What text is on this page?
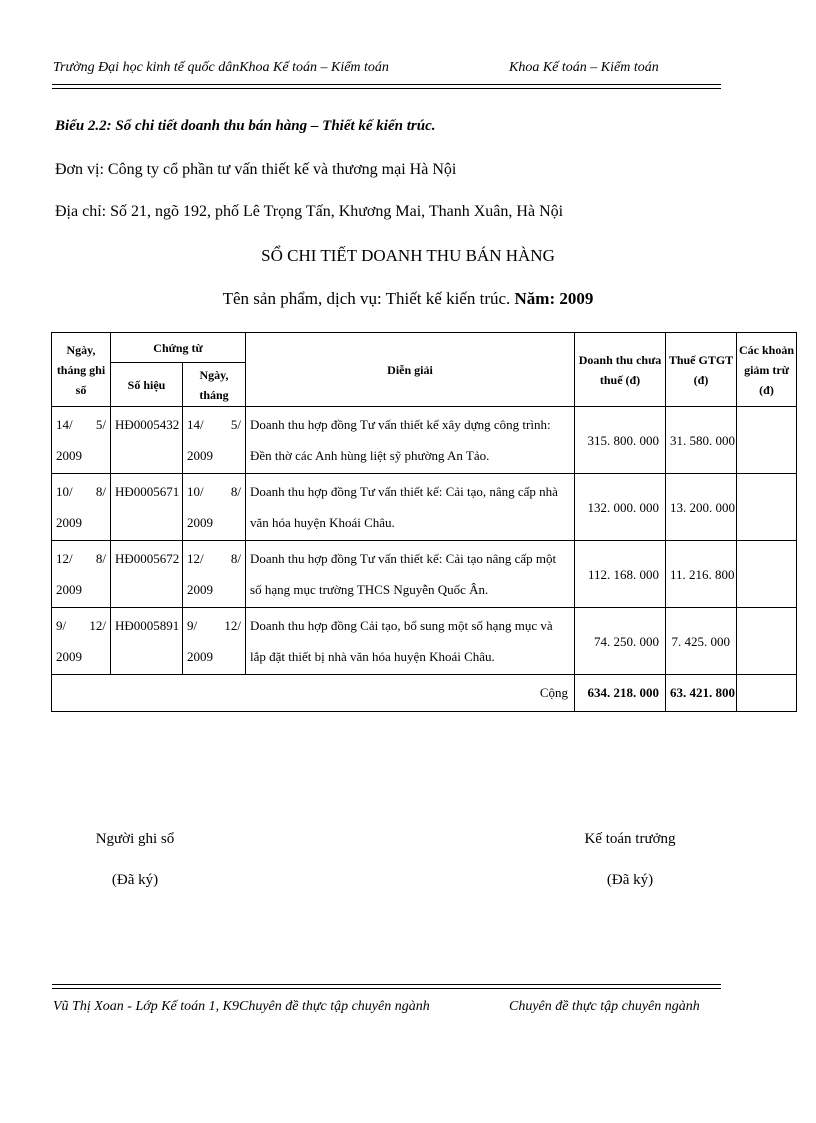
Trường Đại học kinh tế quốc dânKhoa Kế toán – Kiểm toán	Khoa Kế toán – Kiểm toán
Biểu 2.2: Sổ chi tiết doanh thu bán hàng – Thiết kế kiến trúc.
Đơn vị: Công ty cổ phần tư vấn thiết kế và thương mại Hà Nội
Địa chỉ: Số 21, ngõ 192, phố Lê Trọng Tấn, Khương Mai, Thanh Xuân, Hà Nội
SỔ CHI TIẾT DOANH THU BÁN HÀNG
Tên sản phẩm, dịch vụ: Thiết kế kiến trúc. Năm: 2009
Ngày, tháng ghi sổ	Chứng từ		Diễn giải	Doanh thu chưa thuế (đ)	Thuế GTGT (đ)	Các khoản giảm trừ (đ)
	Số hiệu	Ngày, tháng				
14/ 5/ 2009	HĐ0005432	14/ 5/ 2009	Doanh thu hợp đồng Tư vấn thiết kế xây dựng công trình: Đền thờ các Anh hùng liệt sỹ phường An Tảo.	315. 800. 000	31. 580. 000	
10/ 8/ 2009	HĐ0005671	10/ 8/ 2009	Doanh thu hợp đồng Tư vấn thiết kế: Cải tạo, nâng cấp nhà văn hóa huyện Khoái Châu.	132. 000. 000	13. 200. 000	
12/ 8/ 2009	HĐ0005672	12/ 8/ 2009	Doanh thu hợp đồng Tư vấn thiết kế: Cải tạo nâng cấp một số hạng mục trường THCS Nguyễn Quốc Ân.	112. 168. 000	11. 216. 800	
9/ 12/ 2009	HĐ0005891	9/ 12/ 2009	Doanh thu hợp đồng Cải tạo, bổ sung một số hạng mục và lắp đặt thiết bị nhà văn hóa huyện Khoái Châu.	74. 250. 000	7. 425. 000	
Cộng				634. 218. 000	63. 421. 800	
Người ghi sổ
(Đã ký)
Kế toán trưởng
(Đã ký)
Vũ Thị Xoan - Lớp Kế toán 1, K9Chuyên đề thực tập chuyên ngành	Chuyên đề thực tập chuyên ngành
